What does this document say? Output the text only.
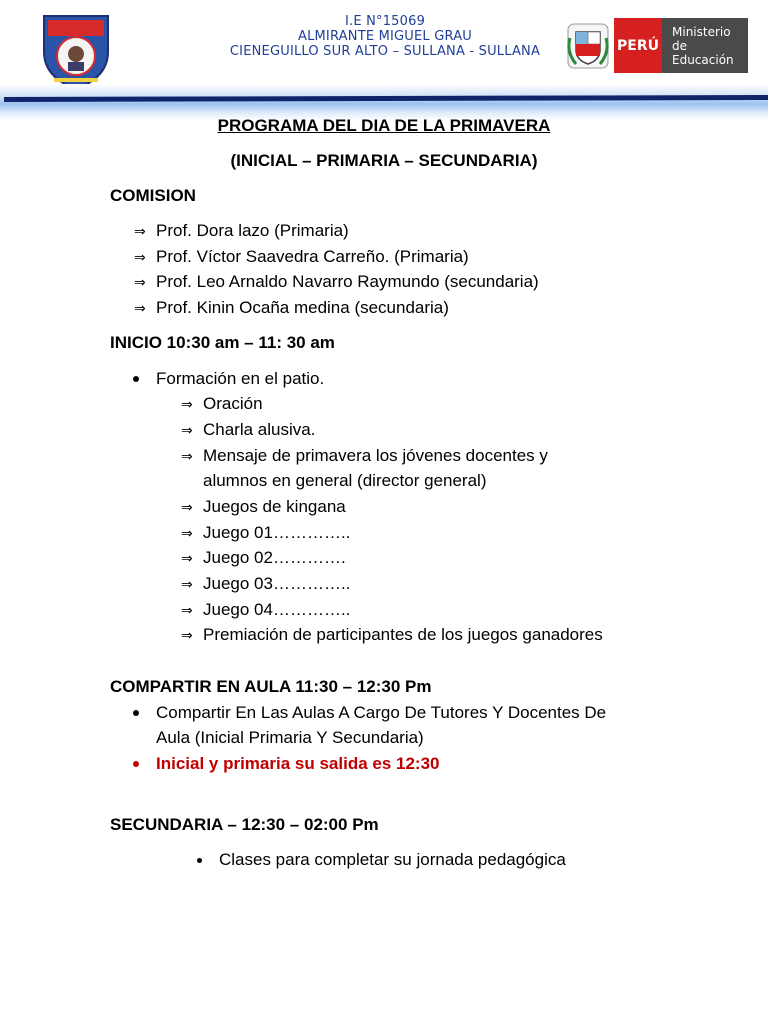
I.E N°15069
ALMIRANTE MIGUEL GRAU
CIENEGUILLO SUR ALTO – SULLANA - SULLANA	PERÚ
Ministerio
de Educación
PROGRAMA DEL DIA DE LA PRIMAVERA
(INICIAL – PRIMARIA – SECUNDARIA)
COMISION
⇒ Prof. Dora lazo (Primaria)
⇒ Prof. Víctor Saavedra Carreño. (Primaria)
⇒ Prof. Leo Arnaldo Navarro Raymundo (secundaria)
⇒ Prof. Kinin Ocaña medina (secundaria)
INICIO 10:30 am – 11: 30 am
Formación en el patio.
⇒ Oración
⇒ Charla alusiva.
⇒ Mensaje de primavera los jóvenes docentes y
alumnos en general (director general)
⇒ Juegos de kingana
⇒ Juego 01…………..
⇒ Juego 02………….
⇒ Juego 03…………..
⇒ Juego 04…………..
⇒ Premiación de participantes de los juegos ganadores
COMPARTIR EN AULA 11:30 – 12:30 Pm
Compartir En Las Aulas A Cargo De Tutores Y Docentes De
Aula (Inicial Primaria Y Secundaria)
Inicial y primaria su salida es 12:30
SECUNDARIA – 12:30 – 02:00 Pm
Clases para completar su jornada pedagógica
